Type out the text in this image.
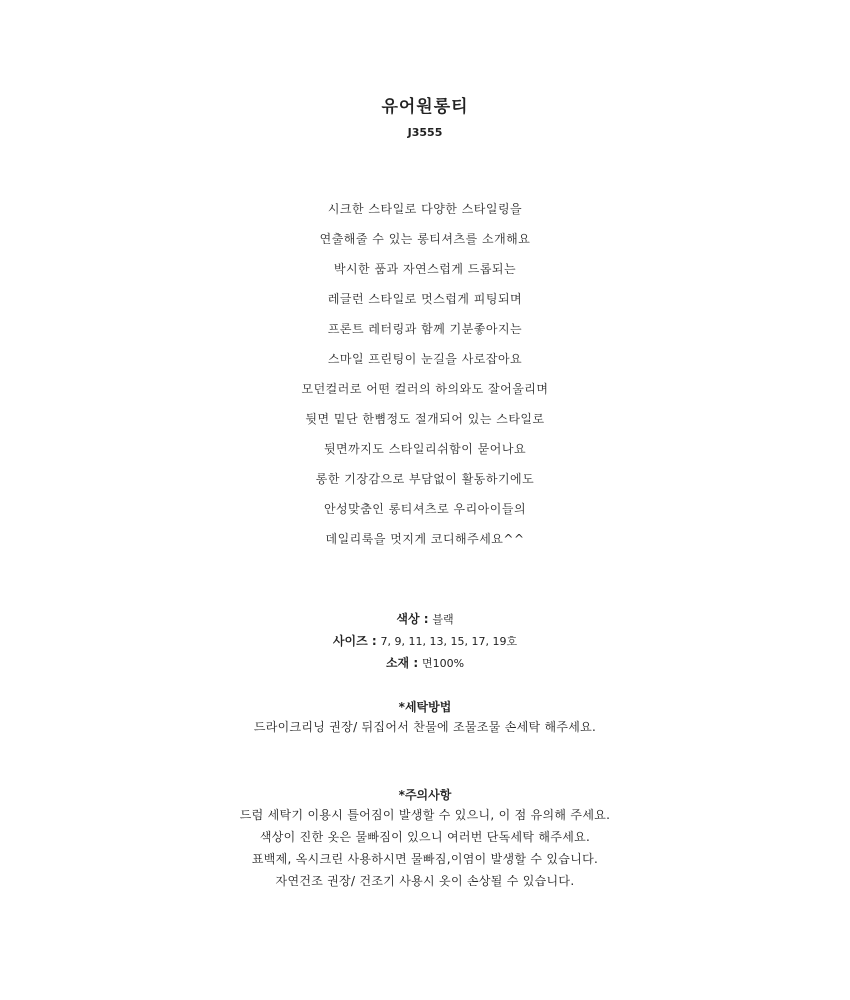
유어원롱티
J3555
시크한 스타일로 다양한 스타일링을
연출해줄 수 있는 롱티셔츠를 소개해요
박시한 품과 자연스럽게 드롭되는
레글런 스타일로 멋스럽게 피팅되며
프론트 레터링과 함께 기분좋아지는
스마일 프린팅이 눈길을 사로잡아요
모던컬러로 어떤 컬러의 하의와도 잘어울리며
뒷면 밑단 한뼘정도 절개되어 있는 스타일로
뒷면까지도 스타일리쉬함이 묻어나요
롱한 기장감으로 부담없이 활동하기에도
안성맞춤인 롱티셔츠로 우리아이들의
데일리룩을 멋지게 코디해주세요^^
색상 : 블랙
사이즈 : 7, 9, 11, 13, 15, 17, 19호
소재 : 면100%
*세탁방법
드라이크리닝 권장/ 뒤집어서 찬물에 조물조물 손세탁 해주세요.
*주의사항
드럼 세탁기 이용시 틀어짐이 발생할 수 있으니, 이 점 유의해 주세요.
색상이 진한 옷은 물빠짐이 있으니 여러번 단독세탁 해주세요.
표백제, 옥시크린 사용하시면 물빠짐,이염이 발생할 수 있습니다.
자연건조 권장/ 건조기 사용시 옷이 손상될 수 있습니다.
